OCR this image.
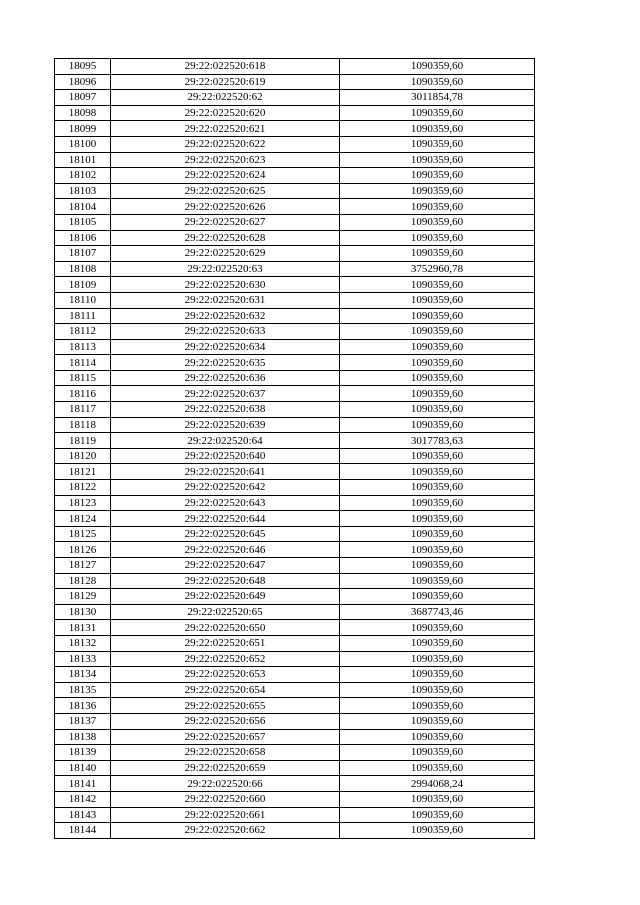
18095	29:22:022520:618	1090359,60
18096	29:22:022520:619	1090359,60
18097	29:22:022520:62	3011854,78
18098	29:22:022520:620	1090359,60
18099	29:22:022520:621	1090359,60
18100	29:22:022520:622	1090359,60
18101	29:22:022520:623	1090359,60
18102	29:22:022520:624	1090359,60
18103	29:22:022520:625	1090359,60
18104	29:22:022520:626	1090359,60
18105	29:22:022520:627	1090359,60
18106	29:22:022520:628	1090359,60
18107	29:22:022520:629	1090359,60
18108	29:22:022520:63	3752960,78
18109	29:22:022520:630	1090359,60
18110	29:22:022520:631	1090359,60
18111	29:22:022520:632	1090359,60
18112	29:22:022520:633	1090359,60
18113	29:22:022520:634	1090359,60
18114	29:22:022520:635	1090359,60
18115	29:22:022520:636	1090359,60
18116	29:22:022520:637	1090359,60
18117	29:22:022520:638	1090359,60
18118	29:22:022520:639	1090359,60
18119	29:22:022520:64	3017783,63
18120	29:22:022520:640	1090359,60
18121	29:22:022520:641	1090359,60
18122	29:22:022520:642	1090359,60
18123	29:22:022520:643	1090359,60
18124	29:22:022520:644	1090359,60
18125	29:22:022520:645	1090359,60
18126	29:22:022520:646	1090359,60
18127	29:22:022520:647	1090359,60
18128	29:22:022520:648	1090359,60
18129	29:22:022520:649	1090359,60
18130	29:22:022520:65	3687743,46
18131	29:22:022520:650	1090359,60
18132	29:22:022520:651	1090359,60
18133	29:22:022520:652	1090359,60
18134	29:22:022520:653	1090359,60
18135	29:22:022520:654	1090359,60
18136	29:22:022520:655	1090359,60
18137	29:22:022520:656	1090359,60
18138	29:22:022520:657	1090359,60
18139	29:22:022520:658	1090359,60
18140	29:22:022520:659	1090359,60
18141	29:22:022520:66	2994068,24
18142	29:22:022520:660	1090359,60
18143	29:22:022520:661	1090359,60
18144	29:22:022520:662	1090359,60
